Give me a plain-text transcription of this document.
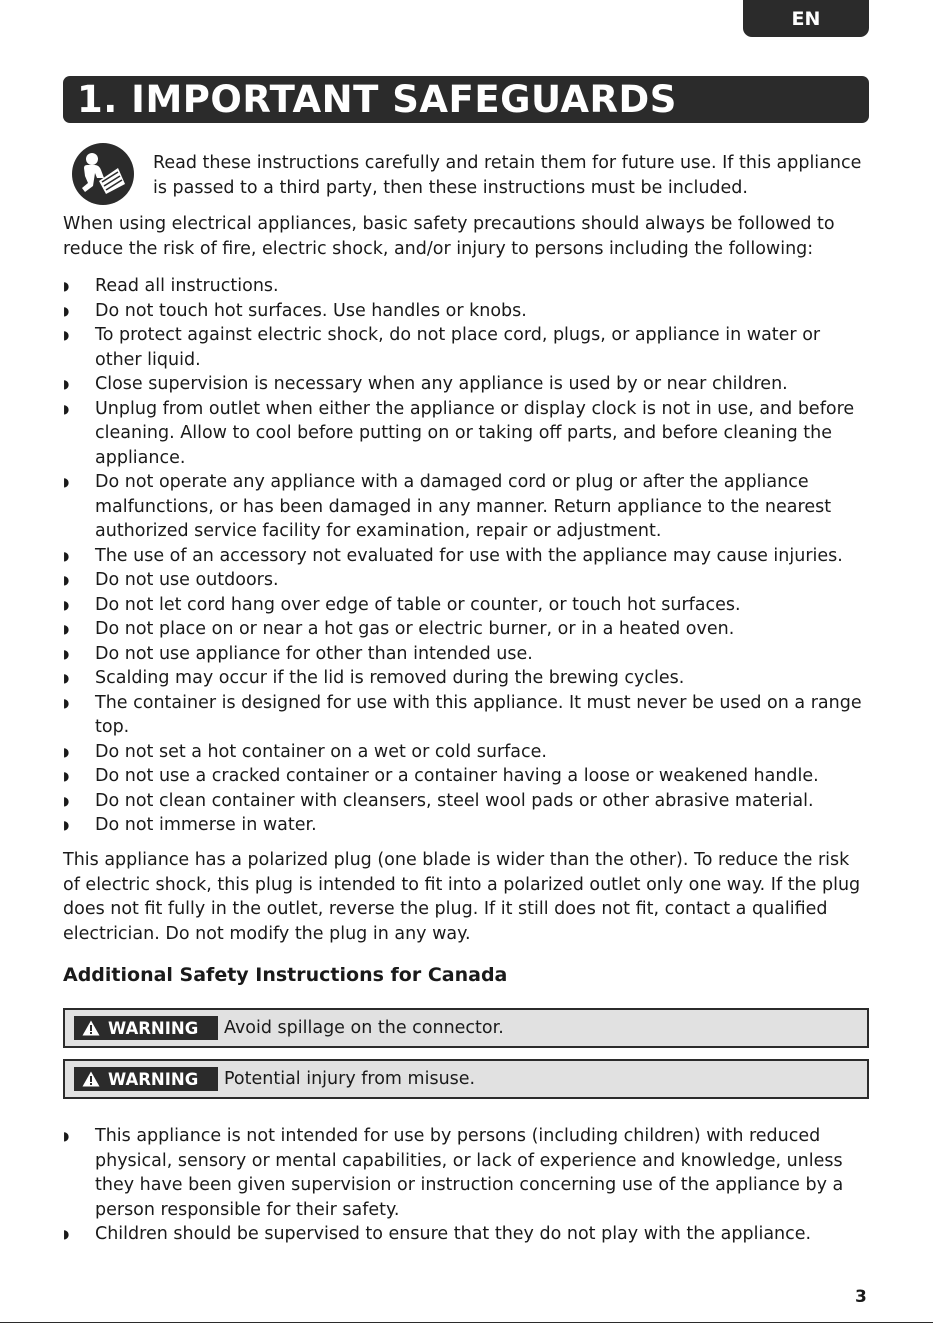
EN
1. IMPORTANT SAFEGUARDS
Read these instructions carefully and retain them for future use. If this appliance is passed to a third party, then these instructions must be included.
When using electrical appliances, basic safety precautions should always be followed to reduce the risk of fire, electric shock, and/or injury to persons including the following:
◗	Read all instructions.
◗	Do not touch hot surfaces. Use handles or knobs.
◗	To protect against electric shock, do not place cord, plugs, or appliance in water or other liquid.
◗	Close supervision is necessary when any appliance is used by or near children.
◗	Unplug from outlet when either the appliance or display clock is not in use, and before cleaning. Allow to cool before putting on or taking off parts, and before cleaning the appliance.
◗	Do not operate any appliance with a damaged cord or plug or after the appliance malfunctions, or has been damaged in any manner. Return appliance to the nearest authorized service facility for examination, repair or adjustment.
◗	The use of an accessory not evaluated for use with the appliance may cause injuries.
◗	Do not use outdoors.
◗	Do not let cord hang over edge of table or counter, or touch hot surfaces.
◗	Do not place on or near a hot gas or electric burner, or in a heated oven.
◗	Do not use appliance for other than intended use.
◗	Scalding may occur if the lid is removed during the brewing cycles.
◗	The container is designed for use with this appliance. It must never be used on a range top.
◗	Do not set a hot container on a wet or cold surface.
◗	Do not use a cracked container or a container having a loose or weakened handle.
◗	Do not clean container with cleansers, steel wool pads or other abrasive material.
◗	Do not immerse in water.
This appliance has a polarized plug (one blade is wider than the other). To reduce the risk of electric shock, this plug is intended to fit into a polarized outlet only one way. If the plug does not fit fully in the outlet, reverse the plug. If it still does not fit, contact a qualified electrician. Do not modify the plug in any way.
Additional Safety Instructions for Canada
WARNING Avoid spillage on the connector.
WARNING Potential injury from misuse.
◗	This appliance is not intended for use by persons (including children) with reduced physical, sensory or mental capabilities, or lack of experience and knowledge, unless they have been given supervision or instruction concerning use of the appliance by a person responsible for their safety.
◗	Children should be supervised to ensure that they do not play with the appliance.
3
